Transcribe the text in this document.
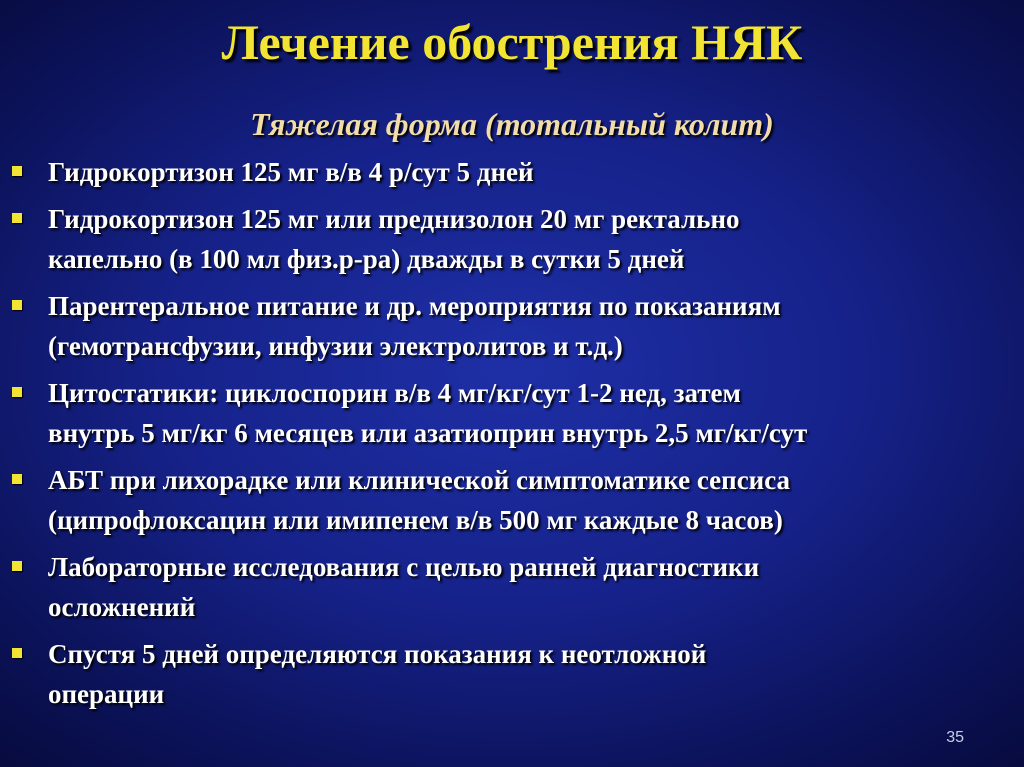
Лечение обострения НЯК
Тяжелая форма (тотальный колит)
Гидрокортизон 125 мг в/в 4 р/сут 5 дней
Гидрокортизон 125 мг или преднизолон 20 мг ректально
капельно (в 100 мл физ.р-ра) дважды в сутки 5 дней
Парентеральное питание и др. мероприятия по показаниям
(гемотрансфузии, инфузии электролитов и т.д.)
Цитостатики: циклоспорин в/в 4 мг/кг/сут 1-2 нед, затем
внутрь 5 мг/кг 6 месяцев или азатиоприн внутрь 2,5 мг/кг/сут
АБТ при лихорадке или клинической симптоматике сепсиса
(ципрофлоксацин или имипенем в/в 500 мг каждые 8 часов)
Лабораторные исследования с целью ранней диагностики
осложнений
Спустя 5 дней определяются показания к неотложной
операции
35
